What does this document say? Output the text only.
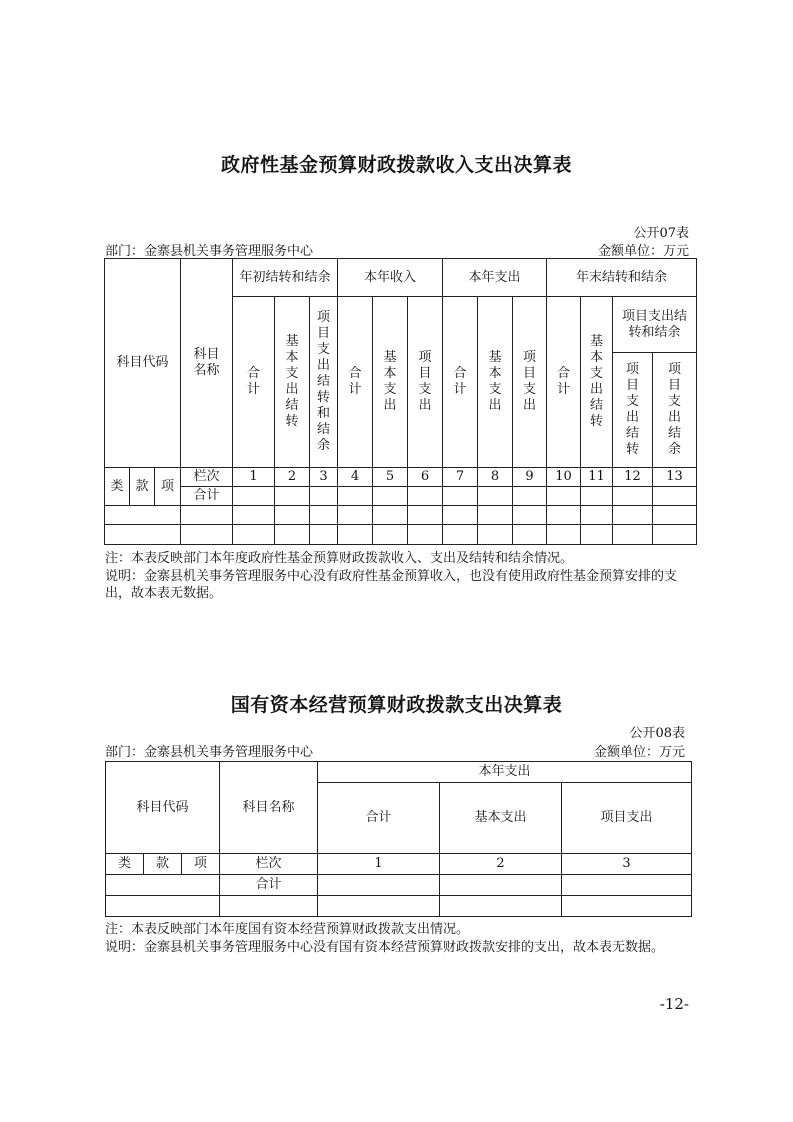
政府性基金预算财政拨款收入支出决算表
公开07表
部门：金寨县机关事务管理服务中心	金额单位：万元
科目代码			科目名称	年初结转和结余			本年收入			本年支出			年末结转和结余			
				合计	基本支出结转	项目支出结转和结余	合计	基本支出	项目支出	合计	基本支出	项目支出	合计	基本支出结转	项目支出结转和结余	
															项目支出结转	项目支出结余
类	款	项	栏次	1	2	3	4	5	6	7	8	9	10	11	12	13
			合计													

注：本表反映部门本年度政府性基金预算财政拨款收入、支出及结转和结余情况。
说明：金寨县机关事务管理服务中心没有政府性基金预算收入，也没有使用政府性基金预算安排的支出，故本表无数据。
国有资本经营预算财政拨款支出决算表
公开08表
部门：金寨县机关事务管理服务中心	金额单位：万元
科目代码			科目名称	本年支出		
				合计	基本支出	项目支出
类	款	项	栏次	1	2	3
			合计			

注：本表反映部门本年度国有资本经营预算财政拨款支出情况。
说明：金寨县机关事务管理服务中心没有国有资本经营预算财政拨款安排的支出，故本表无数据。
-12-
